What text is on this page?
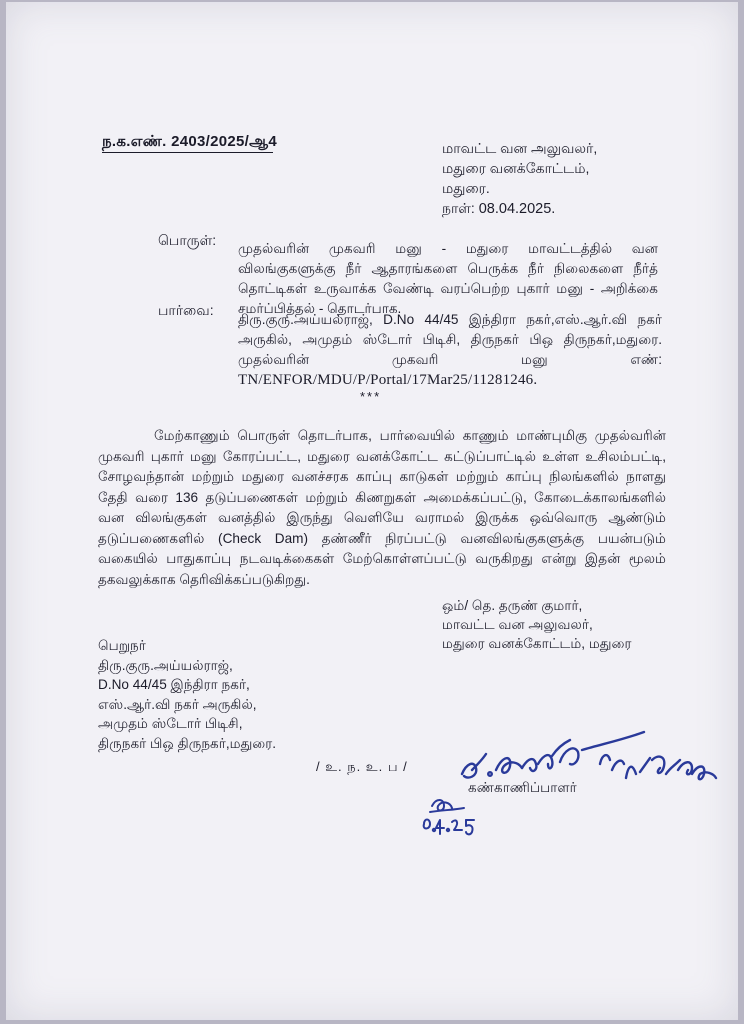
ந.க.எண். 2403/2025/ஆ4	மாவட்ட வன அலுவலர்,
மதுரை வனக்கோட்டம்,
மதுரை.
நாள்: 08.04.2025.
பொருள்:
முதல்வரின் முகவரி மனு - மதுரை மாவட்டத்தில் வன விலங்குகளுக்கு நீர் ஆதாரங்களை பெருக்க நீர் நிலைகளை நீர்த் தொட்டிகள் உருவாக்க வேண்டி வரப்பெற்ற புகார் மனு - அறிக்கை சமர்ப்பித்தல் - தொடர்பாக.
பார்வை:
திரு.குரு.அய்யல்ராஜ், D.No 44/45 இந்திரா நகர்,எஸ்.ஆர்.வி நகர் அருகில், அமுதம் ஸ்டோர் பிடிசி, திருநகர் பிஒ திருநகர்,மதுரை. முதல்வரின் முகவரி மனு எண்: TN/ENFOR/MDU/P/Portal/17Mar25/11281246.
***
மேற்காணும் பொருள் தொடர்பாக, பார்வையில் காணும் மாண்புமிகு முதல்வரின் முகவரி புகார் மனு கோரப்பட்ட, மதுரை வனக்கோட்ட கட்டுப்பாட்டில் உள்ள உசிலம்பட்டி, சோழவந்தான் மற்றும் மதுரை வனச்சரக காப்பு காடுகள் மற்றும் காப்பு நிலங்களில் நாளது தேதி வரை 136 தடுப்பணைகள் மற்றும் கிணறுகள் அமைக்கப்பட்டு, கோடைக்காலங்களில் வன விலங்குகள் வனத்தில் இருந்து வெளியே வராமல் இருக்க ஒவ்வொரு ஆண்டும் தடுப்பணைகளில் (Check Dam) தண்ணீர் நிரப்பட்டு வனவிலங்குகளுக்கு பயன்படும் வகையில் பாதுகாப்பு நடவடிக்கைகள் மேற்கொள்ளப்பட்டு வருகிறது என்று இதன் மூலம் தகவலுக்காக தெரிவிக்கப்படுகிறது.
ஒம்/ தெ. தருண் குமார்,
மாவட்ட வன அலுவலர்,
மதுரை வனக்கோட்டம், மதுரை
பெறுநர்
திரு.குரு.அய்யல்ராஜ்,
D.No 44/45 இந்திரா நகர்,
எஸ்.ஆர்.வி நகர் அருகில்,
அமுதம் ஸ்டோர் பிடிசி,
திருநகர் பிஒ திருநகர்,மதுரை.
/ உ. ந. உ. ப /
கண்காணிப்பாளர்
